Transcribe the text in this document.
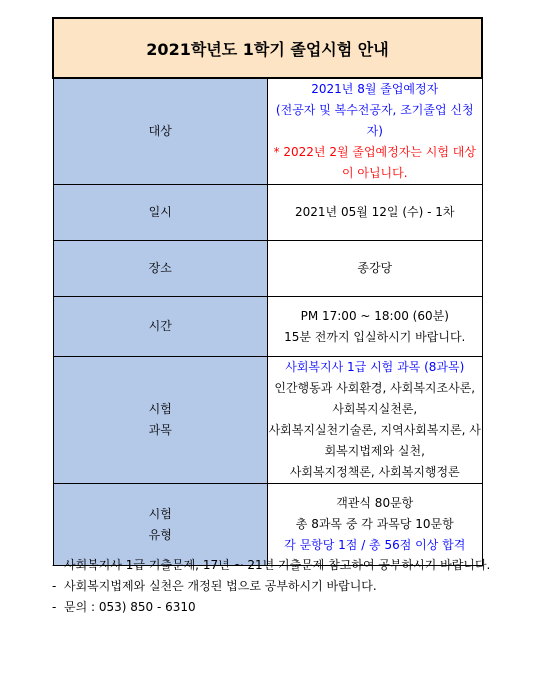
2021학년도 1학기 졸업시험 안내	
대상	2021년 8월 졸업예정자
(전공자 및 복수전공자, 조기졸업 신청자)
* 2022년 2월 졸업예정자는 시험 대상이 아닙니다.

일시	2021년 05월 12일 (수) - 1차

장소	종강당

시간	PM 17:00 ~ 18:00 (60분)
15분 전까지 입실하시기 바랍니다.

시험
과목	사회복지사 1급 시험 과목 (8과목)
인간행동과 사회환경, 사회복지조사론, 사회복지실천론,
사회복지실천기술론, 지역사회복지론, 사회복지법제와 실천,
사회복지정책론, 사회복지행정론

시험
유형	객관식 80문항
총 8과목 중 각 과목당 10문항
각 문항당 1점 / 총 56점 이상 합격
- 사회복지사 1급 기출문제, 17년 ~ 21년 기출문제 참고하여 공부하시기 바랍니다.
- 사회복지법제와 실천은 개정된 법으로 공부하시기 바랍니다.
- 문의 : 053) 850 - 6310
